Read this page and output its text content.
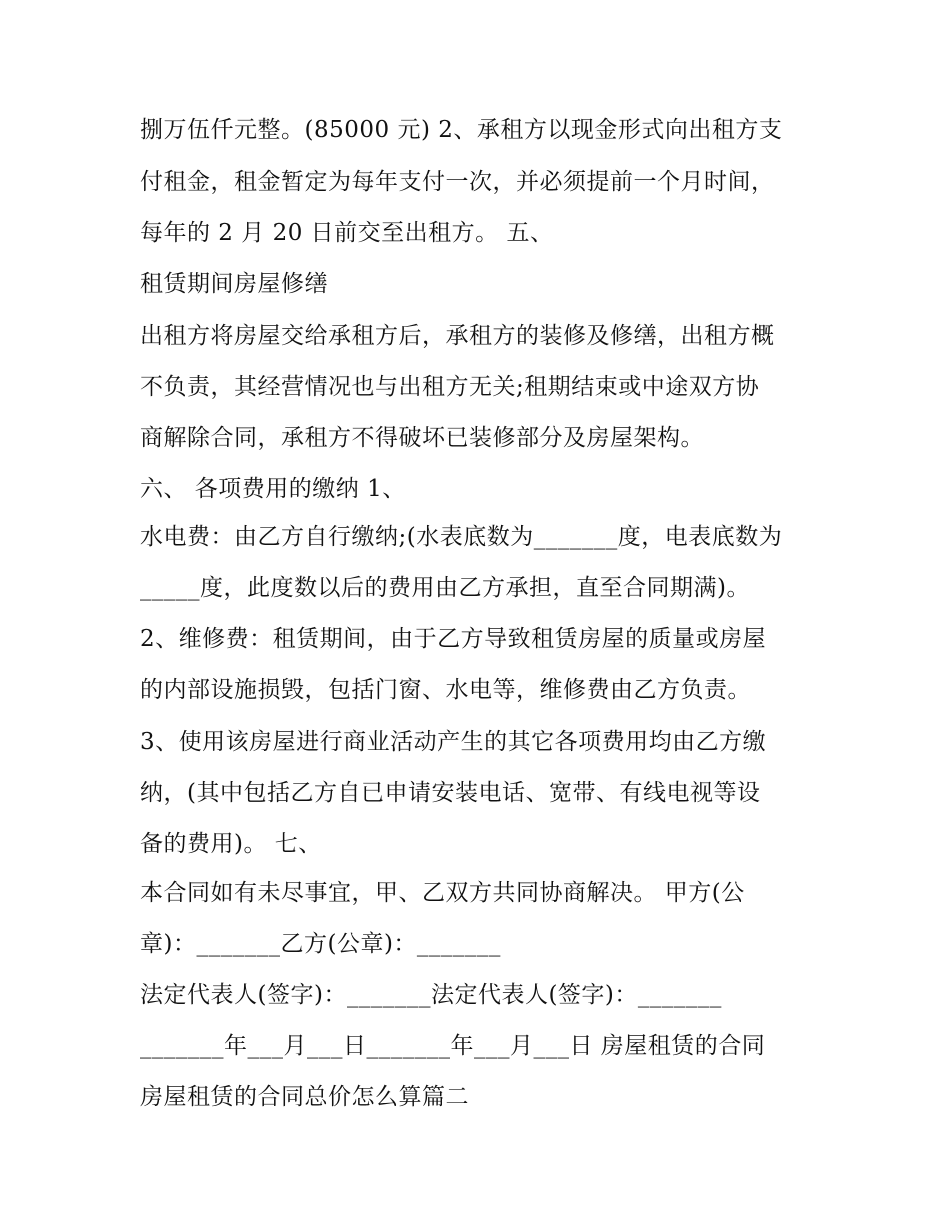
捌万伍仟元整。(85000 元) 2、承租方以现金形式向出租方支
付租金，租金暂定为每年支付一次，并必须提前一个月时间，
每年的 2 月 20 日前交至出租方。 五、
租赁期间房屋修缮
出租方将房屋交给承租方后，承租方的装修及修缮，出租方概
不负责，其经营情况也与出租方无关;租期结束或中途双方协
商解除合同，承租方不得破坏已装修部分及房屋架构。
六、 各项费用的缴纳 1、
水电费：由乙方自行缴纳;(水表底数为_______度，电表底数为
_____度，此度数以后的费用由乙方承担，直至合同期满)。
2、维修费：租赁期间，由于乙方导致租赁房屋的质量或房屋
的内部设施损毁，包括门窗、水电等，维修费由乙方负责。
3、使用该房屋进行商业活动产生的其它各项费用均由乙方缴
纳，(其中包括乙方自已申请安装电话、宽带、有线电视等设
备的费用)。 七、
本合同如有未尽事宜，甲、乙双方共同协商解决。 甲方(公
章)：_______乙方(公章)：_______
法定代表人(签字)：_______法定代表人(签字)：_______
_______年___月___日_______年___月___日 房屋租赁的合同
房屋租赁的合同总价怎么算篇二
